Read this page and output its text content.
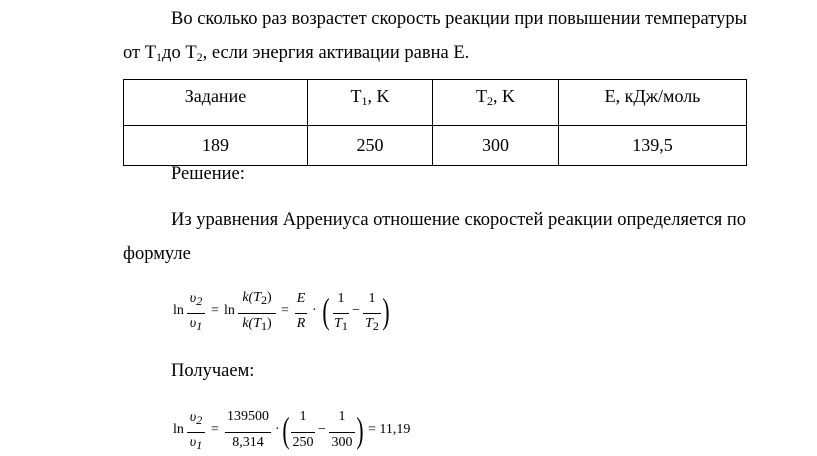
Во сколько раз возрастет скорость реакции при повышении температуры
от $T_1до$ $T_2$, если энергия активации равна E.
Задание	$T_1$, K	$T_2$, K	E, кДж/моль
189	250	300	139,5
Решение:
Из уравнения Аррениуса отношение скоростей реакции определяется по
формуле
ln
$\upsilon_2$
$\upsilon_1$
= ln
$k(T_2)$
$k(T_1)$
=
E
R
· ( 1
$T_1$
−
1
$T_2$ )
Получаем:
ln
$\upsilon_2$
$\upsilon_1$
=
139500
8,314
· ( 1
250
−
1
300 ) = 11,19
